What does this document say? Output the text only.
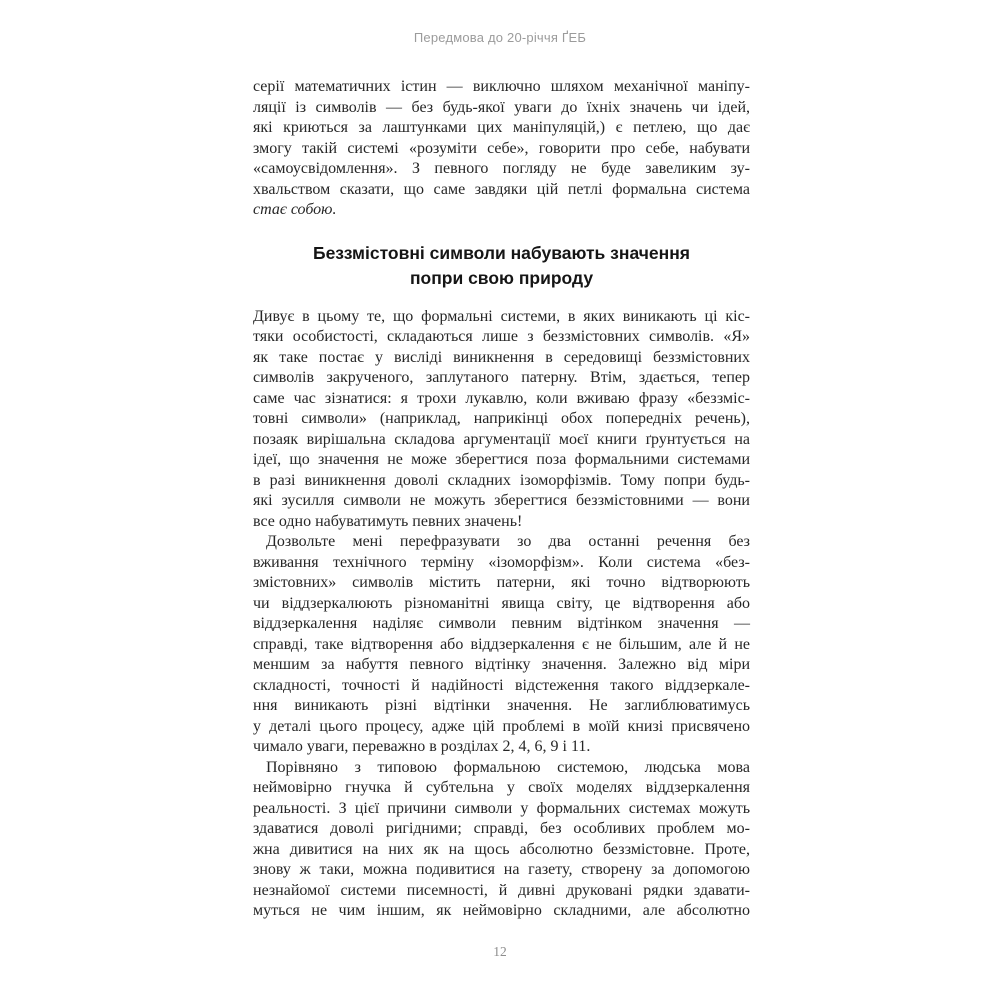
Передмова до 20-річчя ҐЕБ
серії математичних істин — виключно шляхом механічної маніпу-
ляції із символів — без будь-якої уваги до їхніх значень чи ідей,
які криються за лаштунками цих маніпуляцій,) є петлею, що дає
змогу такій системі «розуміти себе», говорити про себе, набувати
«самоусвідомлення». З певного погляду не буде завеликим зу-
хвальством сказати, що саме завдяки цій петлі формальна система
стає собою.
Беззмістовні символи набувають значення
попри свою природу
Дивує в цьому те, що формальні системи, в яких виникають ці кіс-
тяки особистості, складаються лише з беззмістовних символів. «Я»
як таке постає у висліді виникнення в середовищі беззмістовних
символів закрученого, заплутаного патерну. Втім, здається, тепер
саме час зізнатися: я трохи лукавлю, коли вживаю фразу «беззміс-
товні символи» (наприклад, наприкінці обох попередніх речень),
позаяк вирішальна складова аргументації моєї книги ґрунтується на
ідеї, що значення не може зберегтися поза формальними системами
в разі виникнення доволі складних ізоморфізмів. Тому попри будь-
які зусилля символи не можуть зберегтися беззмістовними — вони
все одно набуватимуть певних значень!
Дозвольте мені перефразувати зо два останні речення без
вживання технічного терміну «ізоморфізм». Коли система «без-
змістовних» символів містить патерни, які точно відтворюють
чи віддзеркалюють різноманітні явища світу, це відтворення або
віддзеркалення наділяє символи певним відтінком значення —
справді, таке відтворення або віддзеркалення є не більшим, але й не
меншим за набуття певного відтінку значення. Залежно від міри
складності, точності й надійності відстеження такого віддзеркале-
ння виникають різні відтінки значення. Не заглиблюватимусь
у деталі цього процесу, адже цій проблемі в моїй книзі присвячено
чимало уваги, переважно в розділах 2, 4, 6, 9 і 11.
Порівняно з типовою формальною системою, людська мова
неймовірно гнучка й субтельна у своїх моделях віддзеркалення
реальності. З цієї причини символи у формальних системах можуть
здаватися доволі ригідними; справді, без особливих проблем мо-
жна дивитися на них як на щось абсолютно беззмістовне. Проте,
знову ж таки, можна подивитися на газету, створену за допомогою
незнайомої системи писемності, й дивні друковані рядки здавати-
муться не чим іншим, як неймовірно складними, але абсолютно
12
